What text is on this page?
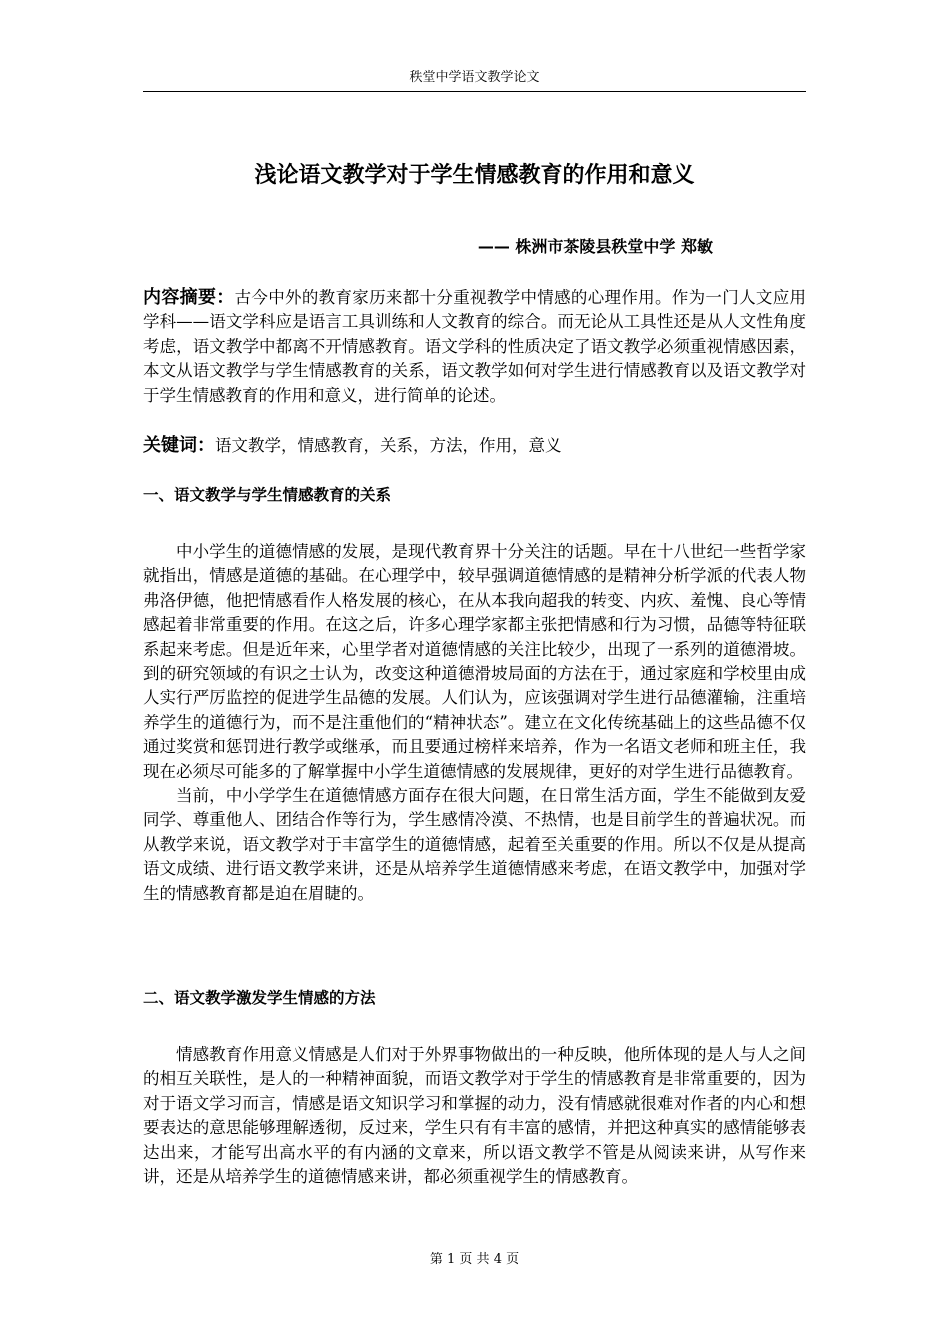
秩堂中学语文教学论文
浅论语文教学对于学生情感教育的作用和意义
—— 株洲市茶陵县秩堂中学 郑敏
内容摘要：古今中外的教育家历来都十分重视教学中情感的心理作用。作为一门人文应用学科——语文学科应是语言工具训练和人文教育的综合。而无论从工具性还是从人文性角度考虑，语文教学中都离不开情感教育。语文学科的性质决定了语文教学必须重视情感因素，本文从语文教学与学生情感教育的关系，语文教学如何对学生进行情感教育以及语文教学对于学生情感教育的作用和意义，进行简单的论述。
关键词：语文教学，情感教育，关系，方法，作用，意义
一、语文教学与学生情感教育的关系

中小学生的道德情感的发展，是现代教育界十分关注的话题。早在十八世纪一些哲学家就指出，情感是道德的基础。在心理学中，较早强调道德情感的是精神分析学派的代表人物弗洛伊德，他把情感看作人格发展的核心，在从本我向超我的转变、内疚、羞愧、良心等情感起着非常重要的作用。在这之后，许多心理学家都主张把情感和行为习惯，品德等特征联系起来考虑。但是近年来，心里学者对道德情感的关注比较少，出现了一系列的道德滑坡。到的研究领域的有识之士认为，改变这种道德滑坡局面的方法在于，通过家庭和学校里由成人实行严厉监控的促进学生品德的发展。人们认为，应该强调对学生进行品德灌输，注重培养学生的道德行为，而不是注重他们的“精神状态”。建立在文化传统基础上的这些品德不仅通过奖赏和惩罚进行教学或继承，而且要通过榜样来培养，作为一名语文老师和班主任，我现在必须尽可能多的了解掌握中小学生道德情感的发展规律，更好的对学生进行品德教育。

当前，中小学学生在道德情感方面存在很大问题，在日常生活方面，学生不能做到友爱同学、尊重他人、团结合作等行为，学生感情冷漠、不热情，也是目前学生的普遍状况。而从教学来说，语文教学对于丰富学生的道德情感，起着至关重要的作用。所以不仅是从提高语文成绩、进行语文教学来讲，还是从培养学生道德情感来考虑，在语文教学中，加强对学生的情感教育都是迫在眉睫的。

二、语文教学激发学生情感的方法

情感教育作用意义情感是人们对于外界事物做出的一种反映，他所体现的是人与人之间的相互关联性，是人的一种精神面貌，而语文教学对于学生的情感教育是非常重要的，因为对于语文学习而言，情感是语文知识学习和掌握的动力，没有情感就很难对作者的内心和想要表达的意思能够理解透彻，反过来，学生只有有丰富的感情，并把这种真实的感情能够表达出来，才能写出高水平的有内涵的文章来，所以语文教学不管是从阅读来讲，从写作来讲，还是从培养学生的道德情感来讲，都必须重视学生的情感教育。

第 1 页 共 4 页
